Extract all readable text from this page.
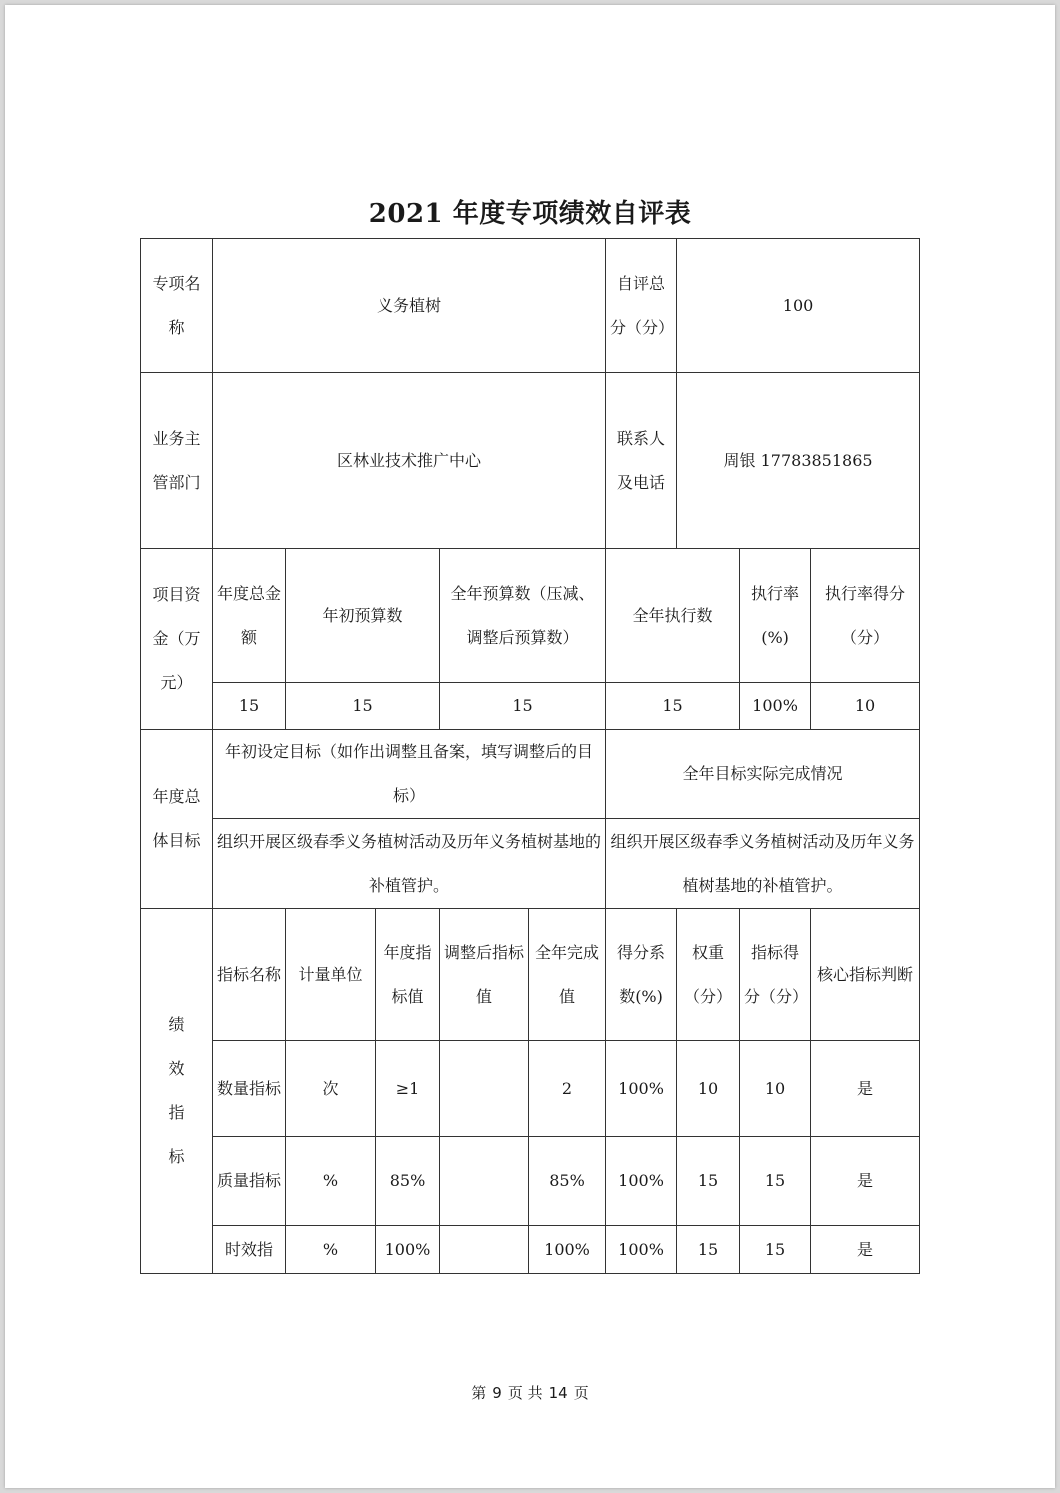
2021 年度专项绩效自评表
专项名称	义务植树					自评总分（分）	100		
业务主管部门	区林业技术推广中心					联系人及电话	周银 17783851865		
项目资金（万元）	年度总金额	年初预算数		全年预算数（压减、调整后预算数）		全年执行数		执行率(%)	执行率得分（分）
	15	15		15		15		100%	10
年度总体目标	年初设定目标（如作出调整且备案，填写调整后的目标）					全年目标实际完成情况			
	组织开展区级春季义务植树活动及历年义务植树基地的补植管护。					组织开展区级春季义务植树活动及历年义务植树基地的补植管护。			
绩效指标	指标名称	计量单位	年度指标值	调整后指标值	全年完成值	得分系数(%)	权重（分）	指标得分（分）	核心指标判断
	数量指标	次	≥1		2	100%	10	10	是
	质量指标	%	85%		85%	100%	15	15	是
	时效指	%	100%		100%	100%	15	15	是
第 9 页 共 14 页
